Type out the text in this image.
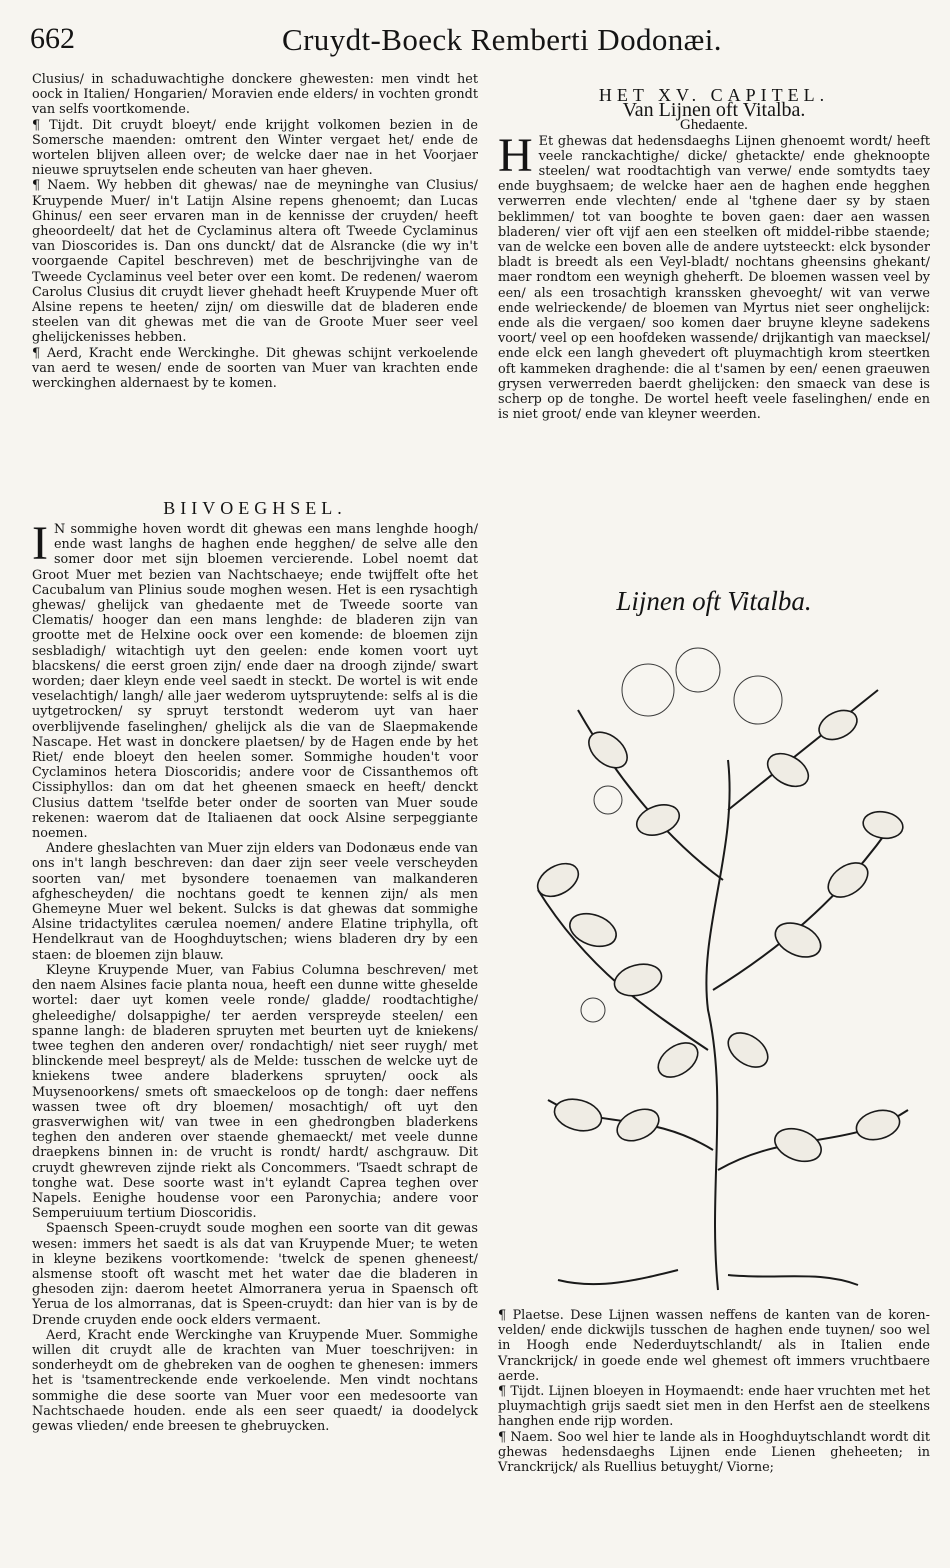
662	Cruydt-Boeck Remberti Dodonæi.

Clusius/ in schaduwachtighe donckere ghewesten: men vindt het oock in Italien/ Hongarien/ Moravien ende elders/ in vochten grondt van selfs voortkomende.

¶ Tijdt. Dit cruydt bloeyt/ ende krijght volkomen bezien in de Somersche maenden: omtrent den Winter vergaet het/ ende de wortelen blijven alleen over; de welcke daer nae in het Voorjaer nieuwe spruytselen ende scheuten van haer gheven.

¶ Naem. Wy hebben dit ghewas/ nae de meyninghe van Clusius/ Kruypende Muer/ in't Latijn Alsine repens ghenoemt; dan Lucas Ghinus/ een seer ervaren man in de kennisse der cruyden/ heeft gheoordeelt/ dat het de Cyclaminus altera oft Tweede Cyclaminus van Dioscorides is. Dan ons dunckt/ dat de Alsrancke (die wy in't voorgaende Capitel beschreven) met de beschrijvinghe van de Tweede Cyclaminus veel beter over een komt. De redenen/ waerom Carolus Clusius dit cruydt liever ghehadt heeft Kruypende Muer oft Alsine repens te heeten/ zijn/ om dieswille dat de bladeren ende steelen van dit ghewas met die van de Groote Muer seer veel ghelijckenisses hebben.

¶ Aerd, Kracht ende Werckinghe. Dit ghewas schijnt verkoelende van aerd te wesen/ ende de soorten van Muer van krachten ende werckinghen aldernaest by te komen.

BIIVOEGHSEL.

I N sommighe hoven wordt dit ghewas een mans lenghde hoogh/ ende wast langhs de haghen ende hegghen/ de selve alle den somer door met sijn bloemen vercierende. Lobel noemt dat Groot Muer met bezien van Nachtschaeye; ende twijffelt ofte het Cacubalum van Plinius soude moghen wesen. Het is een rysachtigh ghewas/ ghelijck van ghedaente met de Tweede soorte van Clematis/ hooger dan een mans lenghde: de bladeren zijn van grootte met de Helxine oock over een komende: de bloemen zijn sesbladigh/ witachtigh uyt den geelen: ende komen voort uyt blacskens/ die eerst groen zijn/ ende daer na droogh zijnde/ swart worden; daer kleyn ende veel saedt in steckt. De wortel is wit ende veselachtigh/ langh/ alle jaer wederom uytspruytende: selfs al is die uytgetrocken/ sy spruyt terstondt wederom uyt van haer overblijvende faselinghen/ ghelijck als die van de Slaepmakende Nascape. Het wast in donckere plaetsen/ by de Hagen ende by het Riet/ ende bloeyt den heelen somer. Sommighe houden't voor Cyclaminos hetera Dioscoridis; andere voor de Cissanthemos oft Cissiphyllos: dan om dat het gheenen smaeck en heeft/ denckt Clusius dattem 'tselfde beter onder de soorten van Muer soude rekenen: waerom dat de Italiaenen dat oock Alsine serpeggiante noemen.

Andere gheslachten van Muer zijn elders van Dodonæus ende van ons in't langh beschreven: dan daer zijn seer veele verscheyden soorten van/ met bysondere toenaemen van malkanderen afghescheyden/ die nochtans goedt te kennen zijn/ als men Ghemeyne Muer wel bekent. Sulcks is dat ghewas dat sommighe Alsine tridactylites cærulea noemen/ andere Elatine triphylla, oft Hendelkraut van de Hooghduytschen; wiens bladeren dry by een staen: de bloemen zijn blauw.

Kleyne Kruypende Muer, van Fabius Columna beschreven/ met den naem Alsines facie planta noua, heeft een dunne witte gheselde wortel: daer uyt komen veele ronde/ gladde/ roodtachtighe/ gheleedighe/ dolsappighe/ ter aerden verspreyde steelen/ een spanne langh: de bladeren spruyten met beurten uyt de kniekens/ twee teghen den anderen over/ rondachtigh/ niet seer ruygh/ met blinckende meel bespreyt/ als de Melde: tusschen de welcke uyt de kniekens twee andere bladerkens spruyten/ oock als Muysenoorkens/ smets oft smaeckeloos op de tongh: daer neffens wassen twee oft dry bloemen/ mosachtigh/ oft uyt den grasverwighen wit/ van twee in een ghedrongben bladerkens teghen den anderen over staende ghemaeckt/ met veele dunne draepkens binnen in: de vrucht is rondt/ hardt/ aschgrauw. Dit cruydt ghewreven zijnde riekt als Concommers. 'Tsaedt schrapt de tonghe wat. Dese soorte wast in't eylandt Caprea teghen over Napels. Eenighe houdense voor een Paronychia; andere voor Semperuiuum tertium Dioscoridis.

Spaensch Speen-cruydt soude moghen een soorte van dit gewas wesen: immers het saedt is als dat van Kruypende Muer; te weten in kleyne bezikens voortkomende: 'twelck de spenen gheneest/ alsmense stooft oft wascht met het water dae die bladeren in ghesoden zijn: daerom heetet Almorranera yerua in Spaensch oft Yerua de los almorranas, dat is Speen-cruydt: dan hier van is by de Drende cruyden ende oock elders vermaent.

Aerd, Kracht ende Werckinghe van Kruypende Muer. Sommighe willen dit cruydt alle de krachten van Muer toeschrijven: in sonderheydt om de ghebreken van de ooghen te ghenesen: immers het is 'tsamentreckende ende verkoelende. Men vindt nochtans sommighe die dese soorte van Muer voor een medesoorte van Nachtschaede houden. ende als een seer quaedt/ ia doodelyck gewas vlieden/ ende breesen te ghebruycken.

HET XV. CAPITEL.
Van Lijnen oft Vitalba.
Ghedaente.

H Et ghewas dat hedensdaeghs Lijnen ghenoemt wordt/ heeft veele ranckachtighe/ dicke/ ghetackte/ ende gheknoopte steelen/ wat roodtachtigh van verwe/ ende somtydts taey ende buyghsaem; de welcke haer aen de haghen ende hegghen verwerren ende vlechten/ ende al 'tghene daer sy by staen beklimmen/ tot van booghte te boven gaen: daer aen wassen bladeren/ vier oft vijf aen een steelken oft middel-ribbe staende; van de welcke een boven alle de andere uytsteeckt: elck bysonder bladt is breedt als een Veyl-bladt/ nochtans gheensins ghekant/ maer rondtom een weynigh gheherft. De bloemen wassen veel by een/ als een trosachtigh kranssken ghevoeght/ wit van verwe ende welrieckende/ de bloemen van Myrtus niet seer onghelijck: ende als die vergaen/ soo komen daer bruyne kleyne sadekens voort/ veel op een hoofdeken wassende/ drijkantigh van maecksel/ ende elck een langh ghevedert oft pluymachtigh krom steertken oft kammeken draghende: die al t'samen by een/ eenen graeuwen grysen verwerreden baerdt ghelijcken: den smaeck van dese is scherp op de tonghe. De wortel heeft veele faselinghen/ ende en is niet groot/ ende van kleyner weerden.

Lijnen oft Vitalba.

¶ Plaetse. Dese Lijnen wassen neffens de kanten van de koren-velden/ ende dickwijls tusschen de haghen ende tuynen/ soo wel in Hoogh ende Nederduytschlandt/ als in Italien ende Vranckrijck/ in goede ende wel ghemest oft immers vruchtbaere aerde.

¶ Tijdt. Lijnen bloeyen in Hoymaendt: ende haer vruchten met het pluymachtigh grijs saedt siet men in den Herfst aen de steelkens hanghen ende rijp worden.

¶ Naem. Soo wel hier te lande als in Hooghduytschlandt wordt dit ghewas hedensdaeghs Lijnen ende Lienen gheheeten; in Vranckrijck/ als Ruellius betuyght/ Viorne;
